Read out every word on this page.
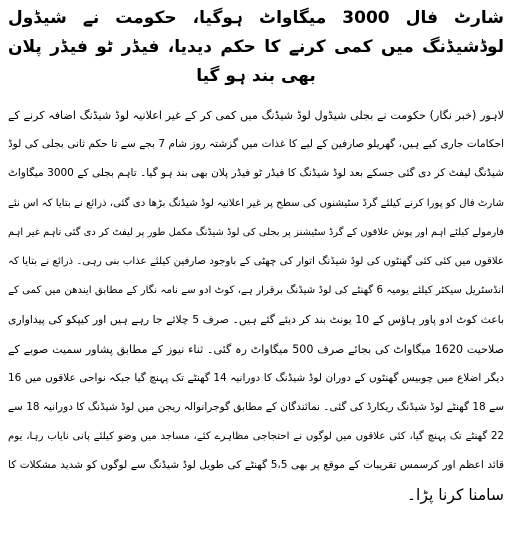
شارٹ فال 3000 میگاواٹ ہوگیا، حکومت نے شیڈول لوڈشیڈنگ میں کمی کرنے کا حکم دیدیا، فیڈر ٹو فیڈر پلان
بھی بند ہو گیا
لاہور (خبر نگار) حکومت نے بجلی شیڈول لوڈ شیڈنگ میں کمی کر کے غیر اعلانیہ لوڈ شیڈنگ اضافہ کرنے کے
احکامات جاری کیے ہیں، گھریلو صارفین کے لیے کا غذات میں گزشتہ روز شام 7 بجے سے تا حکم ثانی بجلی کی لوڈ
شیڈنگ لیفٹ کر دی گئی جسکے بعد لوڈ شیڈنگ کا فیڈر ٹو فیڈر پلان بھی بند ہو گیا۔ تاہم بجلی کے 3000 میگاواٹ
شارٹ فال کو پورا کرنے کیلئے گرڈ سٹیشنوں کی سطح پر غیر اعلانیہ لوڈ شیڈنگ بڑھا دی گئی، ذرائع نے بتایا کہ اس نئے
فارمولے کیلئے اہم اور پوش علاقوں کے گرڈ سٹیشنز پر بجلی کی لوڈ شیڈنگ مکمل طور پر لیفٹ کر دی گئی تاہم غیر اہم
علاقوں میں کئی کئی گھنٹوں کی لوڈ شیڈنگ اتوار کی چھٹی کے باوجود صارفین کیلئے عذاب بنی رہی۔ ذرائع نے بتایا کہ
انڈسٹریل سیکٹر کیلئے یومیہ 6 گھنٹے کی لوڈ شیڈنگ برقرار ہے، کوٹ ادو سے نامہ نگار کے مطابق ایندھن میں کمی کے
باعث کوٹ ادو پاور ہاؤس کے 10 یونٹ بند کر دیئے گئے ہیں۔ صرف 5 چلائے جا رہے ہیں اور کیپکو کی پیداواری
صلاحیت 1620 میگاواٹ کی بجائے صرف 500 میگاواٹ رہ گئی۔ ثناء نیوز کے مطابق پشاور سمیت صوبے کے
دیگر اضلاع میں چوبیس گھنٹوں کے دوران لوڈ شیڈنگ کا دورانیہ 14 گھنٹے تک پہنچ گیا جبکہ نواحی علاقوں میں 16
سے 18 گھنٹے لوڈ شیڈنگ ریکارڈ کی گئی۔ نمائندگان کے مطابق گوجرانوالہ ریجن میں لوڈ شیڈنگ کا دورانیہ 18 سے
22 گھنٹے تک پہنچ گیا، کئی علاقوں میں لوگوں نے احتجاجی مظاہرے کئے، مساجد میں وضو کیلئے پانی نایاب رہا، یوم
قائد اعظم اور کرسمس تقریبات کے موقع پر بھی 5،5 گھنٹے کی طویل لوڈ شیڈنگ سے لوگوں کو شدید مشکلات کا
سامنا کرنا پڑا۔
